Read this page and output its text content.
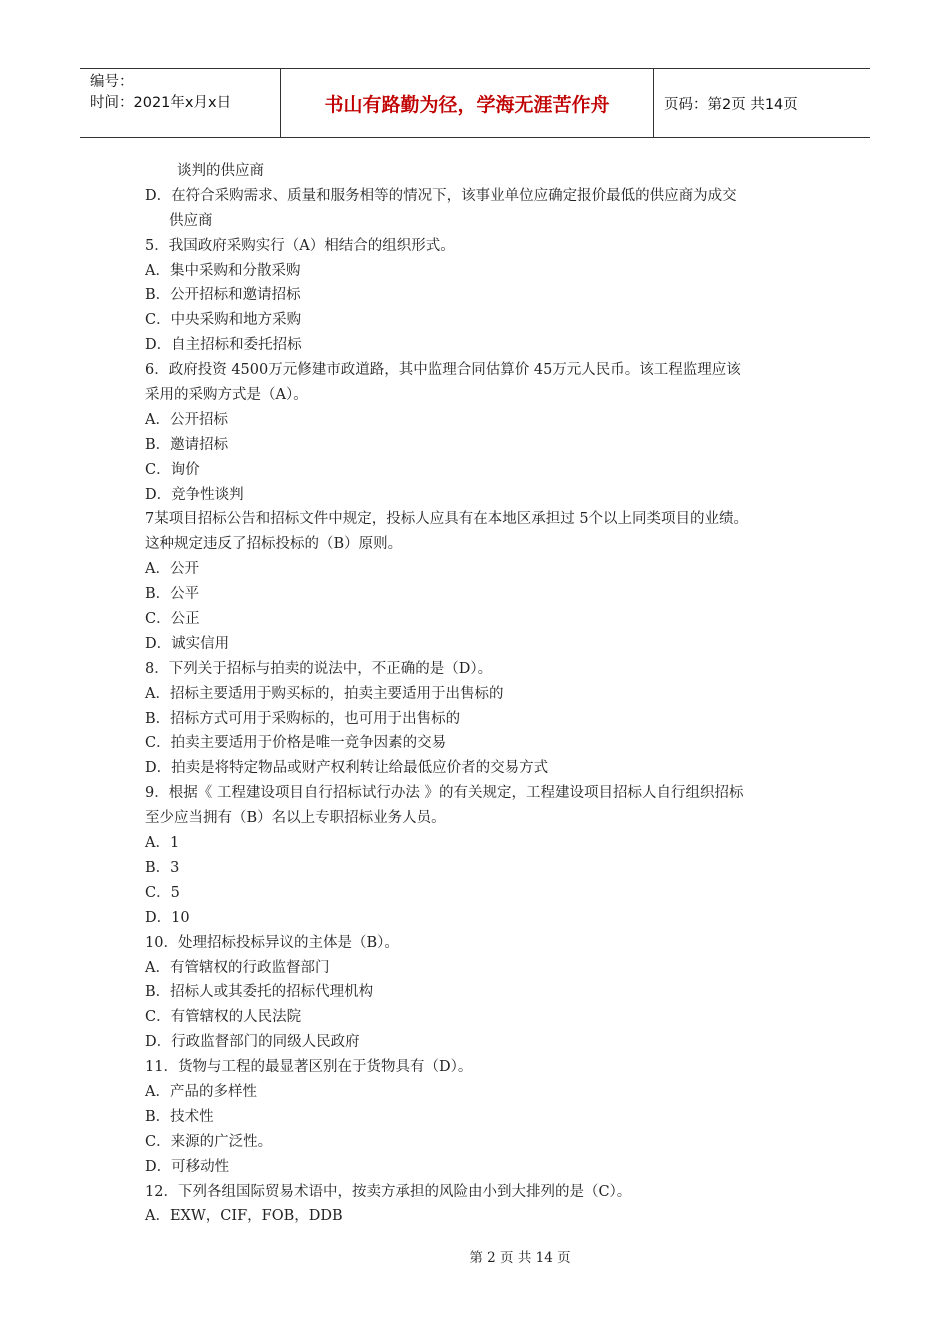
编号：
时间：2021年x月x日	书山有路勤为径，学海无涯苦作舟	页码：第2页 共14页
谈判的供应商
D．在符合采购需求、质量和服务相等的情况下，该事业单位应确定报价最低的供应商为成交
供应商
5．我国政府采购实行（A）相结合的组织形式。
A．集中采购和分散采购
B．公开招标和邀请招标
C．中央采购和地方采购
D．自主招标和委托招标
6．政府投资 4500万元修建市政道路，其中监理合同估算价 45万元人民币。该工程监理应该
采用的采购方式是（A）。
A．公开招标
B．邀请招标
C．询价
D．竞争性谈判
7某项目招标公告和招标文件中规定，投标人应具有在本地区承担过 5个以上同类项目的业绩。
这种规定违反了招标投标的（B）原则。
A．公开
B．公平
C．公正
D．诚实信用
8．下列关于招标与拍卖的说法中，不正确的是（D）。
A．招标主要适用于购买标的，拍卖主要适用于出售标的
B．招标方式可用于采购标的，也可用于出售标的
C．拍卖主要适用于价格是唯一竞争因素的交易
D．拍卖是将特定物品或财产权利转让给最低应价者的交易方式
9．根据《 工程建设项目自行招标试行办法 》的有关规定，工程建设项目招标人自行组织招标
至少应当拥有（B）名以上专职招标业务人员。
A．1
B．3
C．5
D．10
10．处理招标投标异议的主体是（B）。
A．有管辖权的行政监督部门
B．招标人或其委托的招标代理机构
C．有管辖权的人民法院
D．行政监督部门的同级人民政府
11．货物与工程的最显著区别在于货物具有（D）。
A．产品的多样性
B．技术性
C．来源的广泛性。
D．可移动性
12．下列各组国际贸易术语中，按卖方承担的风险由小到大排列的是（C）。
A．EXW，CIF，FOB，DDB
第 2 页 共 14 页
